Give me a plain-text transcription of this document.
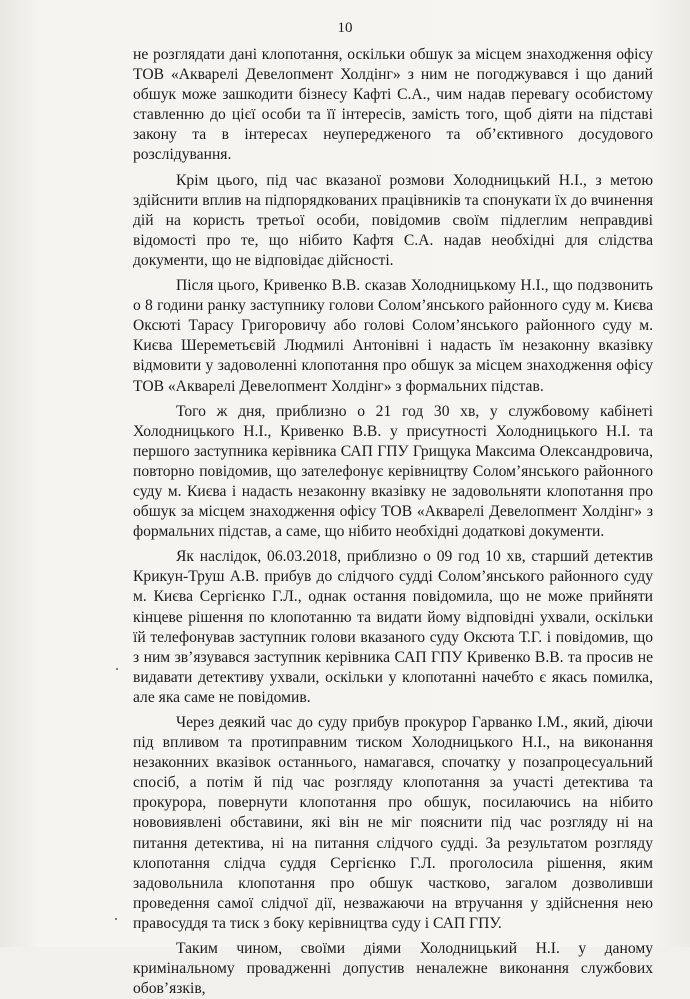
10

не розглядати дані клопотання, оскільки обшук за місцем знаходження офісу ТОВ «Акварелі Девелопмент Холдінг» з ним не погоджувався і що даний обшук може зашкодити бізнесу Кафті С.А., чим надав перевагу особистому ставленню до цієї особи та її інтересів, замість того, щоб діяти на підставі закону та в інтересах неупередженого та об’єктивного досудового розслідування.

Крім цього, під час вказаної розмови Холодницький Н.І., з метою здійснити вплив на підпорядкованих працівників та спонукати їх до вчинення дій на користь третьої особи, повідомив своїм підлеглим неправдиві відомості про те, що нібито Кафтя С.А. надав необхідні для слідства документи, що не відповідає дійсності.

Після цього, Кривенко В.В. сказав Холодницькому Н.І., що подзвонить о 8 години ранку заступнику голови Солом’янського районного суду м. Києва Оксюті Тарасу Григоровичу або голові Солом’янського районного суду м. Києва Шереметьєвій Людмилі Антонівні і надасть їм незаконну вказівку відмовити у задоволенні клопотання про обшук за місцем знаходження офісу ТОВ «Акварелі Девелопмент Холдінг» з формальних підстав.

Того ж дня, приблизно о 21 год 30 хв, у службовому кабінеті Холодницького Н.І., Кривенко В.В. у присутності Холодницького Н.І. та першого заступника керівника САП ГПУ Грищука Максима Олександровича, повторно повідомив, що зателефонує керівництву Солом’янського районного суду м. Києва і надасть незаконну вказівку не задовольняти клопотання про обшук за місцем знаходження офісу ТОВ «Акварелі Девелопмент Холдінг» з формальних підстав, а саме, що нібито необхідні додаткові документи.

Як наслідок, 06.03.2018, приблизно о 09 год 10 хв, старший детектив Крикун-Труш А.В. прибув до слідчого судді Солом’янського районного суду м. Києва Сергієнко Г.Л., однак остання повідомила, що не може прийняти кінцеве рішення по клопотанню та видати йому відповідні ухвали, оскільки їй телефонував заступник голови вказаного суду Оксюта Т.Г. і повідомив, що з ним зв’язувався заступник керівника САП ГПУ Кривенко В.В. та просив не видавати детективу ухвали, оскільки у клопотанні начебто є якась помилка, але яка саме не повідомив.

Через деякий час до суду прибув прокурор Гарванко І.М., який, діючи під впливом та протиправним тиском Холодницького Н.І., на виконання незаконних вказівок останнього, намагався, спочатку у позапроцесуальний спосіб, а потім й під час розгляду клопотання за участі детектива та прокурора, повернути клопотання про обшук, посилаючись на нібито нововиявлені обставини, які він не міг пояснити під час розгляду ні на питання детектива, ні на питання слідчого судді. За результатом розгляду клопотання слідча суддя Сергієнко Г.Л. проголосила рішення, яким задовольнила клопотання про обшук частково, загалом дозволивши проведення самої слідчої дії, незважаючи на втручання у здійснення нею правосуддя та тиск з боку керівництва суду і САП ГПУ.

Таким чином, своїми діями Холодницький Н.І. у даному кримінальному провадженні допустив неналежне виконання службових обов’язків,
